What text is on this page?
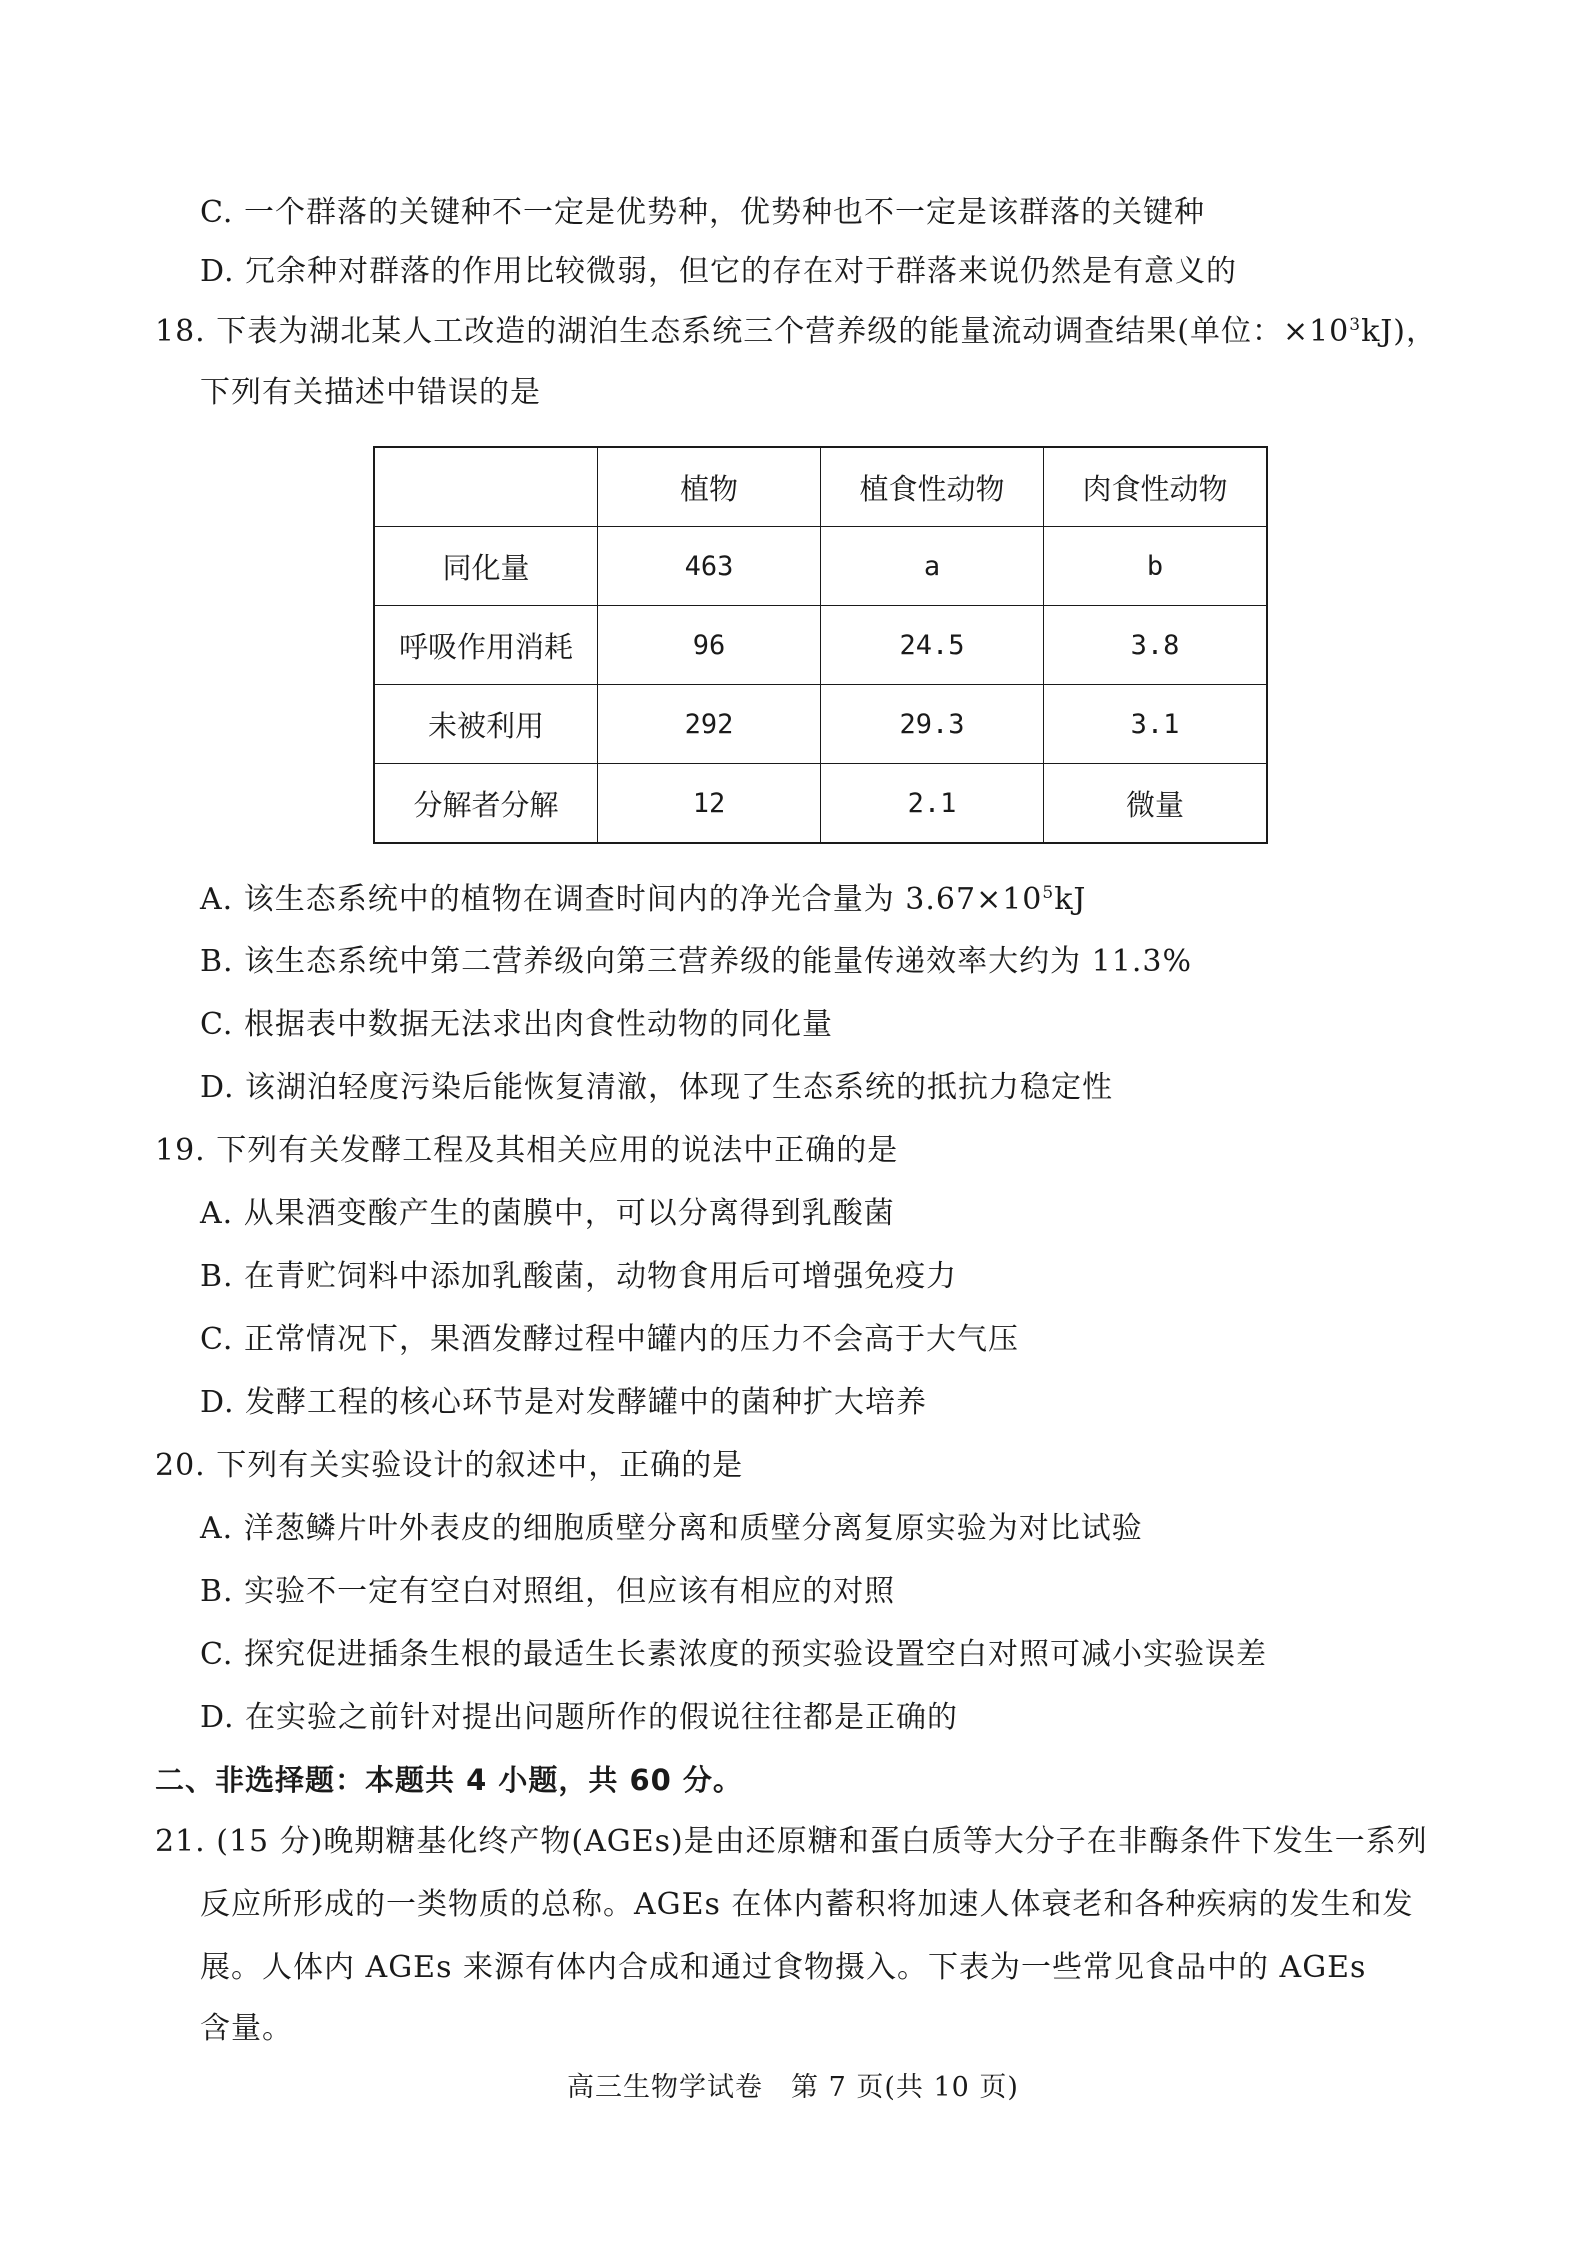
C. 一个群落的关键种不一定是优势种，优势种也不一定是该群落的关键种
D. 冗余种对群落的作用比较微弱，但它的存在对于群落来说仍然是有意义的
18. 下表为湖北某人工改造的湖泊生态系统三个营养级的能量流动调查结果(单位：$\times 10^3kJ$)，
下列有关描述中错误的是
	植物	植食性动物	肉食性动物
同化量	463	a	b
呼吸作用消耗	96	24.5	3.8
未被利用	292	29.3	3.1
分解者分解	12	2.1	微量
A. 该生态系统中的植物在调查时间内的净光合量为 $3.67\times 10^5kJ$
B. 该生态系统中第二营养级向第三营养级的能量传递效率大约为 11.3%
C. 根据表中数据无法求出肉食性动物的同化量
D. 该湖泊轻度污染后能恢复清澈，体现了生态系统的抵抗力稳定性
19. 下列有关发酵工程及其相关应用的说法中正确的是
A. 从果酒变酸产生的菌膜中，可以分离得到乳酸菌
B. 在青贮饲料中添加乳酸菌，动物食用后可增强免疫力
C. 正常情况下，果酒发酵过程中罐内的压力不会高于大气压
D. 发酵工程的核心环节是对发酵罐中的菌种扩大培养
20. 下列有关实验设计的叙述中，正确的是
A. 洋葱鳞片叶外表皮的细胞质壁分离和质壁分离复原实验为对比试验
B. 实验不一定有空白对照组，但应该有相应的对照
C. 探究促进插条生根的最适生长素浓度的预实验设置空白对照可减小实验误差
D. 在实验之前针对提出问题所作的假说往往都是正确的
二、非选择题：本题共 4 小题，共 60 分。
21. (15 分)晚期糖基化终产物(AGEs)是由还原糖和蛋白质等大分子在非酶条件下发生一系列
反应所形成的一类物质的总称。AGEs 在体内蓄积将加速人体衰老和各种疾病的发生和发
展。人体内 AGEs 来源有体内合成和通过食物摄入。下表为一些常见食品中的 AGEs
含量。
高三生物学试卷　第 7 页(共 10 页)
